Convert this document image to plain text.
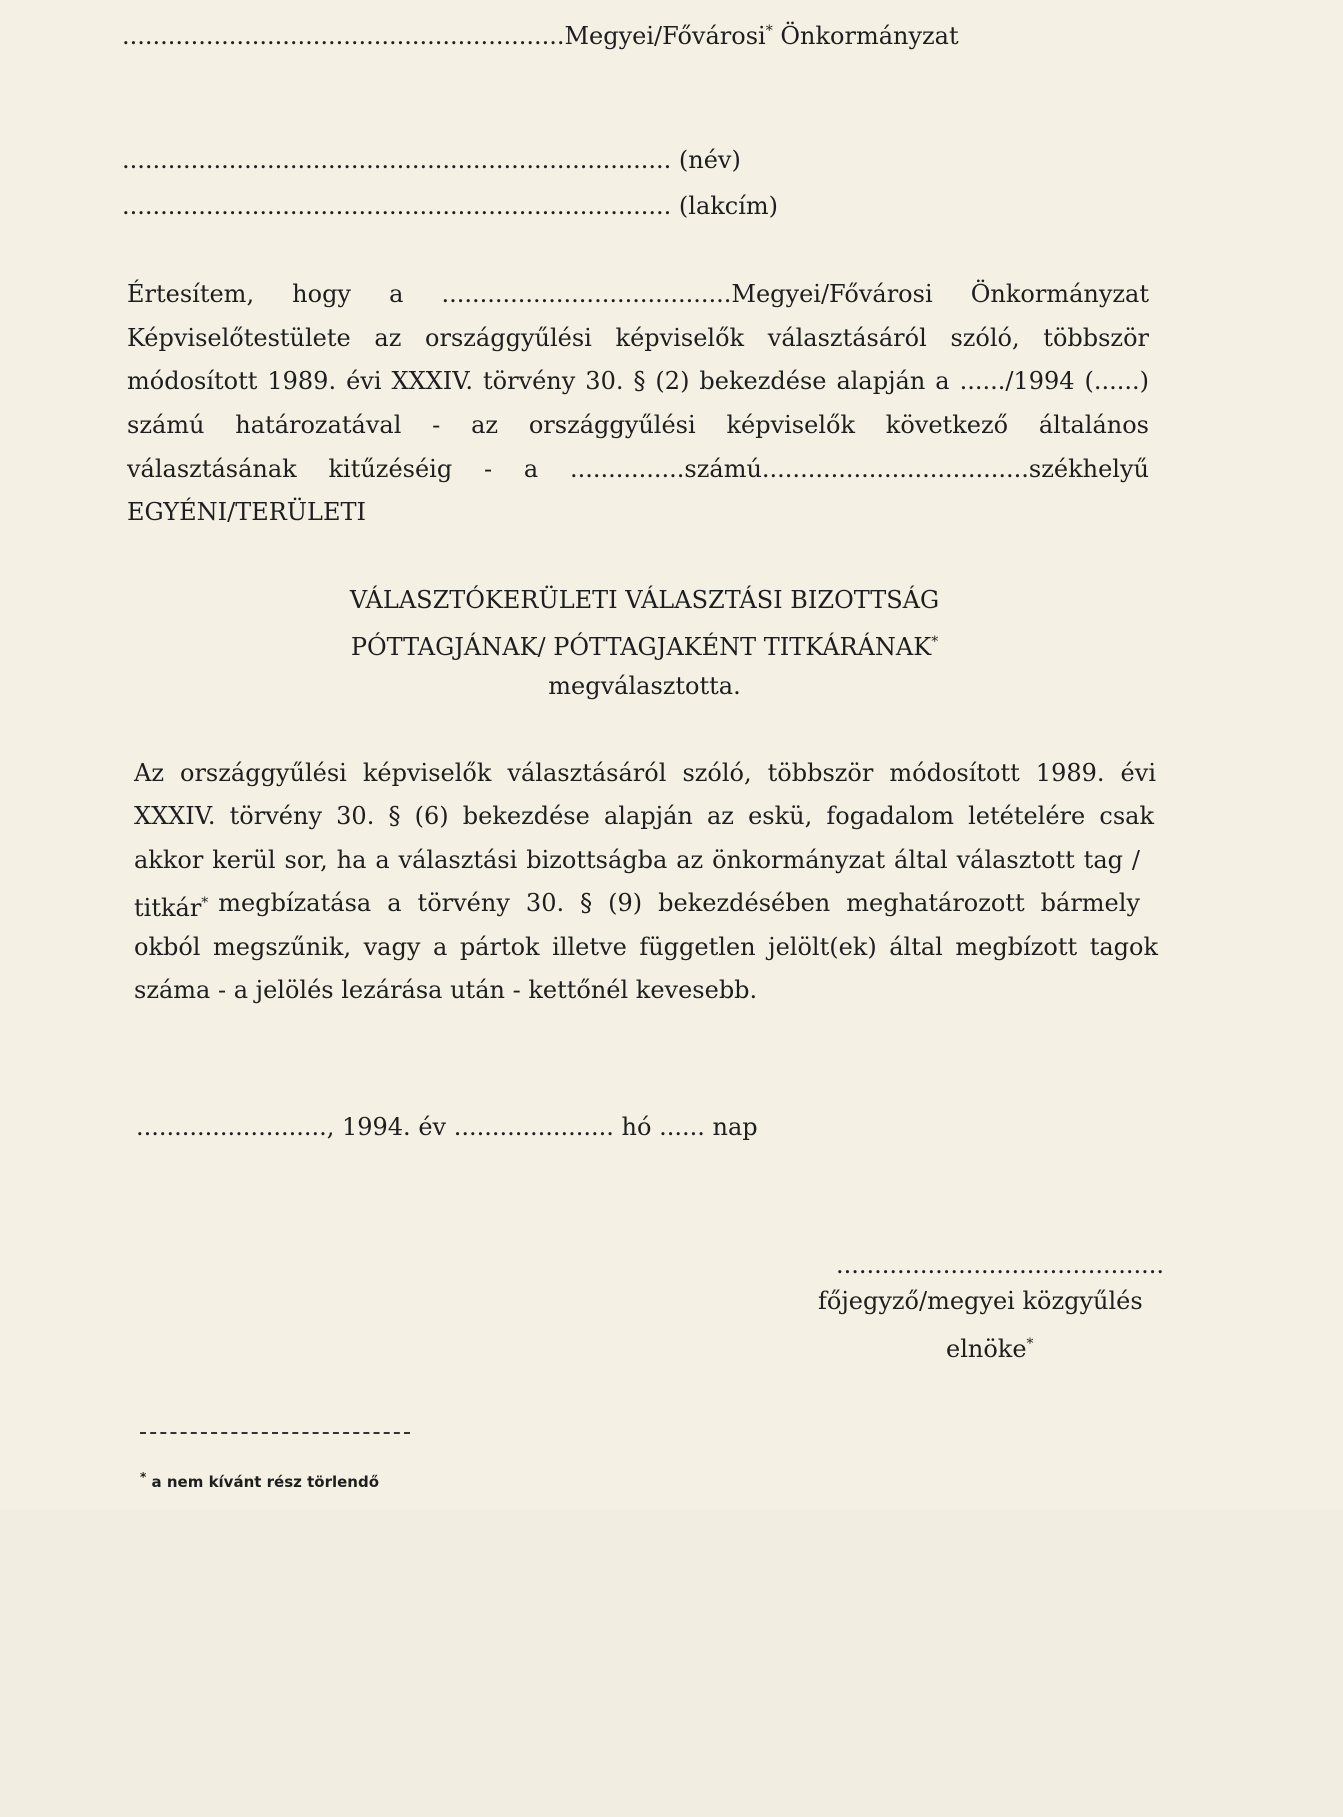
..........................................................Megyei/Fővárosi* Önkormányzat
........................................................................ (név)
........................................................................ (lakcím)
Értesítem, hogy a ......................................Megyei/Fővárosi Önkormányzat
Képviselőtestülete az országgyűlési képviselők választásáról szóló, többször
módosított 1989. évi XXXIV. törvény 30. § (2) bekezdése alapján a ....../1994 (......)
számú határozatával - az országgyűlési képviselők következő általános
választásának kitűzéséig - a ...............számú...................................székhelyű
EGYÉNI/TERÜLETI
VÁLASZTÓKERÜLETI VÁLASZTÁSI BIZOTTSÁG
PÓTTAGJÁNAK/ PÓTTAGJAKÉNT TITKÁRÁNAK*
megválasztotta.
Az országgyűlési képviselők választásáról szóló, többször módosított 1989. évi
XXXIV. törvény 30. § (6) bekezdése alapján az eskü, fogadalom letételére csak
akkor kerül sor, ha a választási bizottságba az önkormányzat által választott tag /
titkár* megbízatása a törvény 30. § (9) bekezdésében meghatározott bármely
okból megszűnik, vagy a pártok illetve független jelölt(ek) által megbízott tagok
száma - a jelölés lezárása után - kettőnél kevesebb.
........................., 1994. év ..................... hó ...... nap
...........................................
főjegyző/megyei közgyűlés
elnöke*
* a nem kívánt rész törlendő
